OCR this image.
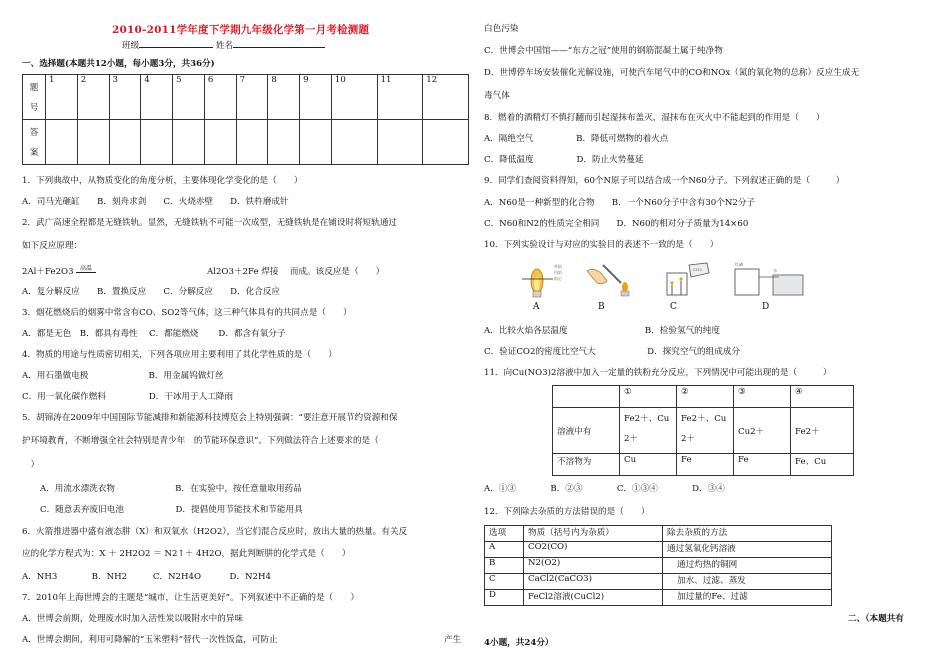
2010-2011学年度下学期九年级化学第一月考检测题
班级	姓名
一、选择题(本题共12小题，每小题3分，共36分)
题
号	1	2	3	4	5	6	7	8	9	10	11	12

答
案												

1．下列典故中，从物质变化的角度分析，主要体现化学变化的是（　　）
A．司马光砸缸　　B．刻舟求剑　　C．火烧赤壁　　D．铁杵磨成针
2．武广高速全程都是无缝铁轨。显然，无缝铁轨不可能一次成型，无缝铁轨是在铺设时将短轨通过
如下反应原理：
2Al＋Fe2O3	高温	Al2O3＋2Fe 焊接　 而成。该反应是（　　）
A．复分解反应　　B．置换反应　　C．分解反应　　D．化合反应
3．烟花燃烧后的烟雾中常含有CO、SO2等气体，这三种气体具有的共同点是（　　）
A．都是无色　B．都具有毒性　 C．都能燃烧　　 D．都含有氧分子
4．物质的用途与性质密切相关，下列各项应用主要利用了其化学性质的是（　　）
A．用石墨做电极　　　　　　　B．用金属钨做灯丝
C．用一氧化碳作燃料　　　　　D．干冰用于人工降雨
5．胡锦涛在2009年中国国际节能减排和新能源科技博览会上特别强调：“要注意开展节约资源和保
护环境教育，不断增强全社会特别是青少年　的节能环保意识”。下列做法符合上述要求的是（
　）
A．用流水漂洗衣物　　　　　　　B．在实验中，按任意量取用药品
C．随意丢弃废旧电池　　　　　　D．提倡使用节能技术和节能用具
6．火箭推进器中盛有液态肼（X）和双氧水（H2O2），当它们混合反应时，放出大量的热量。有关反
应的化学方程式为：X ＋ 2H2O2 ＝ N2↑＋ 4H2O，据此判断肼的化学式是（　　）
A．NH3　　　　B．NH2　　　C．N2H4O　　　 D．N2H4
7．2010年上海世博会的主题是“城市，让生活更美好”。下列叙述中不正确的是（　　）
A．世博会前期，处理废水时加入活性炭以吸附水中的异味
A．世博会期间，利用可降解的“玉米塑料”替代一次性饭盒，可防止	产生
白色污染
C．世博会中国馆——“东方之冠”使用的钢筋混凝土属于纯净物
D．世博停车场安装催化光解设施，可使汽车尾气中的CO和NOx（氮的氧化物的总称）反应生成无
毒气体
8．燃着的酒精灯不慎打翻而引起湿抹布盖灭，湿抹布在灭火中不能起到的作用是（　　）
A．隔绝空气　　　　　B．降低可燃物的着火点
C．降低温度　　　　　D．防止火势蔓延
9．同学们查阅资料得知，60个N原子可以结合成一个N60分子。下列叙述正确的是（　　　）
A．N60是一种新型的化合物　　B．一个N60分子中含有30个N2分子
C．N60和N2的性质完全相同　　D．N60的相对分子质量为14×60
10．下列实验设计与对应的实验目的表述不一致的是（　　）
外焰
内焰
焰心
CO2
红磷
水
A	B	C	D
A．比较火焰各层温度　　　　　　　　　B．检验氢气的纯度
C．验证CO2的密度比空气大　　　　　　D．探究空气的组成成分
11．向Cu(NO3)2溶液中加入一定量的铁粉充分反应，下列情况中可能出现的是（　　　）
	①	②	③	④
溶液中有	Fe2＋、Cu2＋	Fe2＋、Cu2＋	Cu2＋	Fe2＋
不溶物为	Cu	Fe	Fe	Fe、Cu
A．①③　　　　B．②③　　　　C．①③④　　　　D．③④
12．下列除去杂质的方法错误的是（　　）
选项	物质（括号内为杂质）	除去杂质的方法
A	CO2(CO)	通过氢氧化钙溶液
B	N2(O2)	通过灼热的铜网
C	CaCl2(CaCO3)	加水、过滤、蒸发
D	FeCl2溶液(CuCl2)	加过量的Fe、过滤
二、（本题共有
4小题，共24分）
